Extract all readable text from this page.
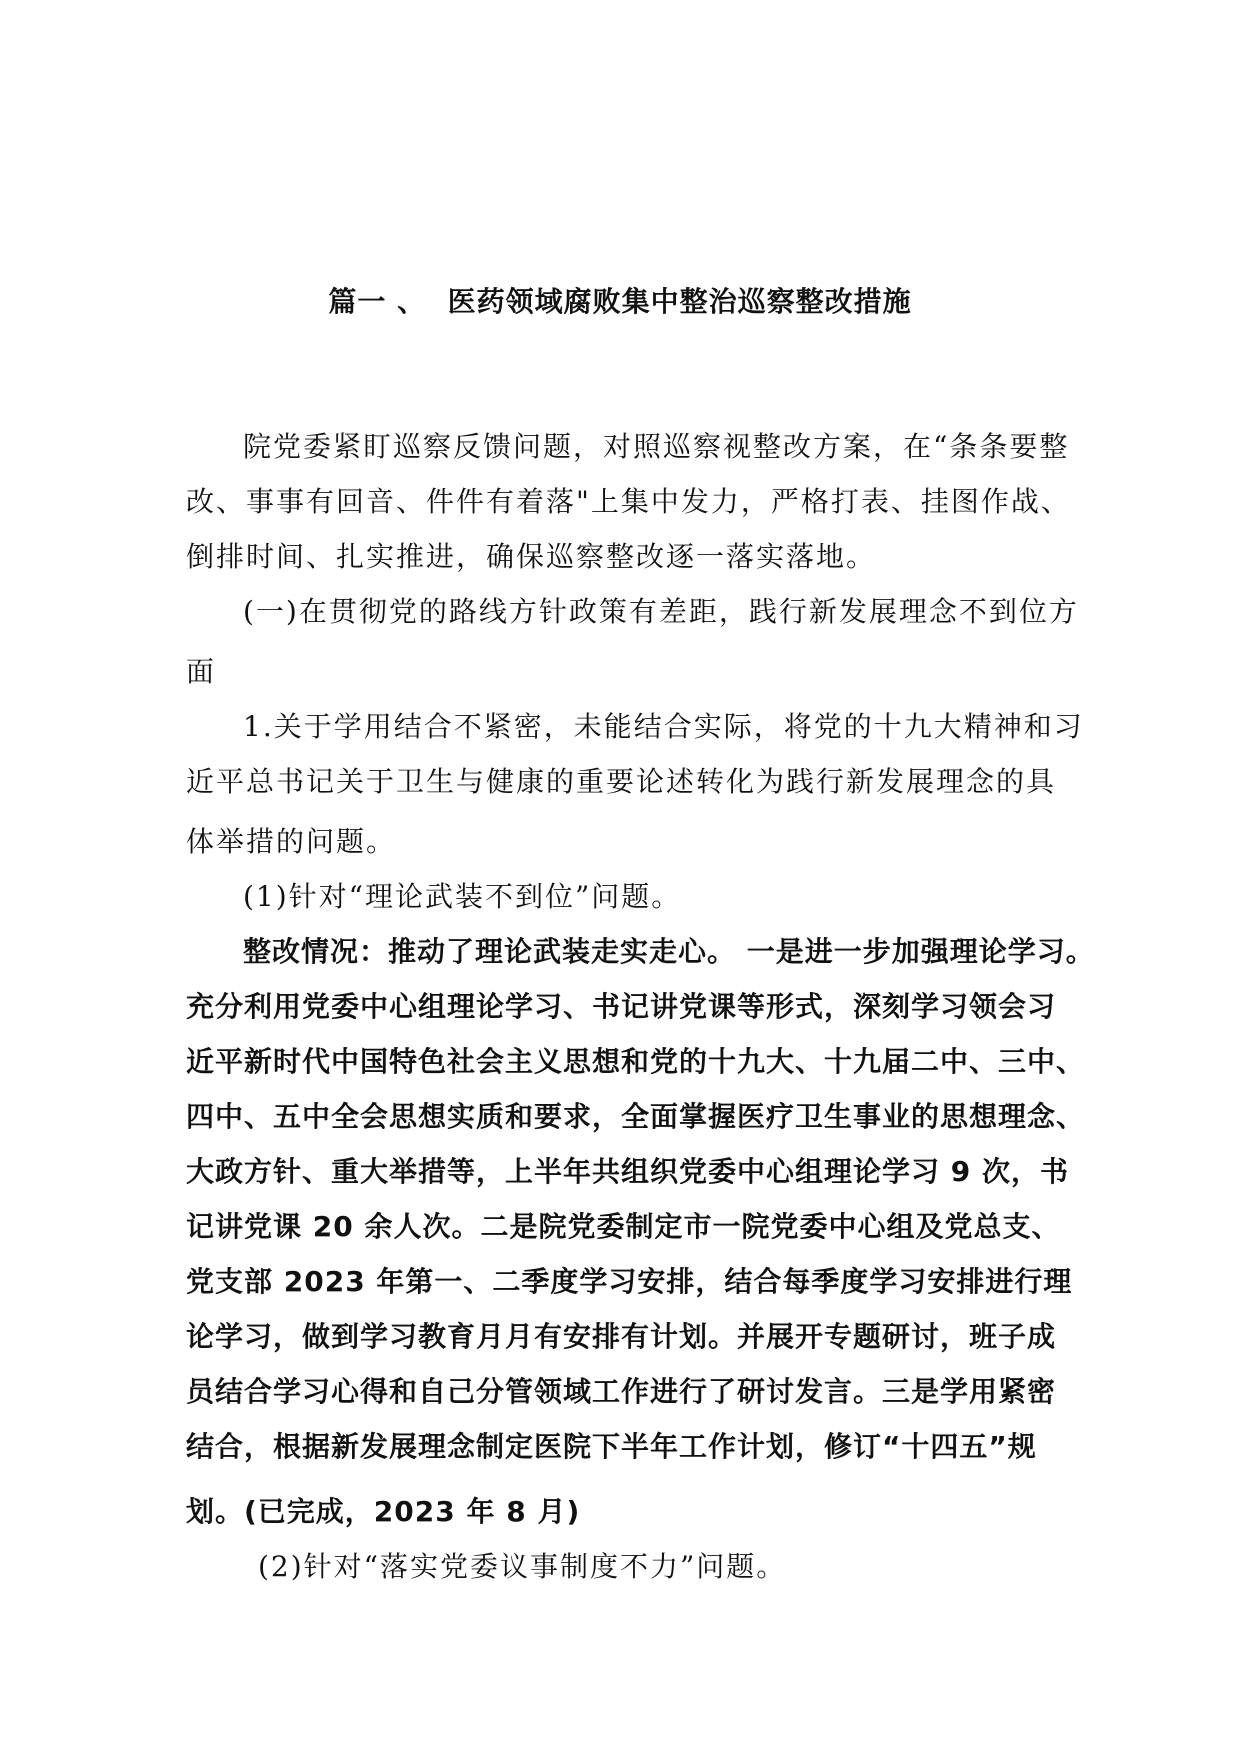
篇一 、  医药领域腐败集中整治巡察整改措施
院党委紧盯巡察反馈问题，对照巡察视整改方案，在“条条要整
改、事事有回音、件件有着落"上集中发力，严格打表、挂图作战、
倒排时间、扎实推进，确保巡察整改逐一落实落地。
(一)在贯彻党的路线方针政策有差距，践行新发展理念不到位方
面
1.关于学用结合不紧密，未能结合实际，将党的十九大精神和习
近平总书记关于卫生与健康的重要论述转化为践行新发展理念的具
体举措的问题。
(1)针对“理论武装不到位”问题。
整改情况：推动了理论武装走实走心。 一是进一步加强理论学习。
充分利用党委中心组理论学习、书记讲党课等形式，深刻学习领会习
近平新时代中国特色社会主义思想和党的十九大、十九届二中、三中、
四中、五中全会思想实质和要求，全面掌握医疗卫生事业的思想理念、
大政方针、重大举措等，上半年共组织党委中心组理论学习 9 次，书
记讲党课 20 余人次。二是院党委制定市一院党委中心组及党总支、
党支部 2023 年第一、二季度学习安排，结合每季度学习安排进行理
论学习，做到学习教育月月有安排有计划。并展开专题研讨，班子成
员结合学习心得和自己分管领域工作进行了研讨发言。三是学用紧密
结合，根据新发展理念制定医院下半年工作计划，修订“十四五”规
划。(已完成，2023 年 8 月)
(2)针对“落实党委议事制度不力”问题。
